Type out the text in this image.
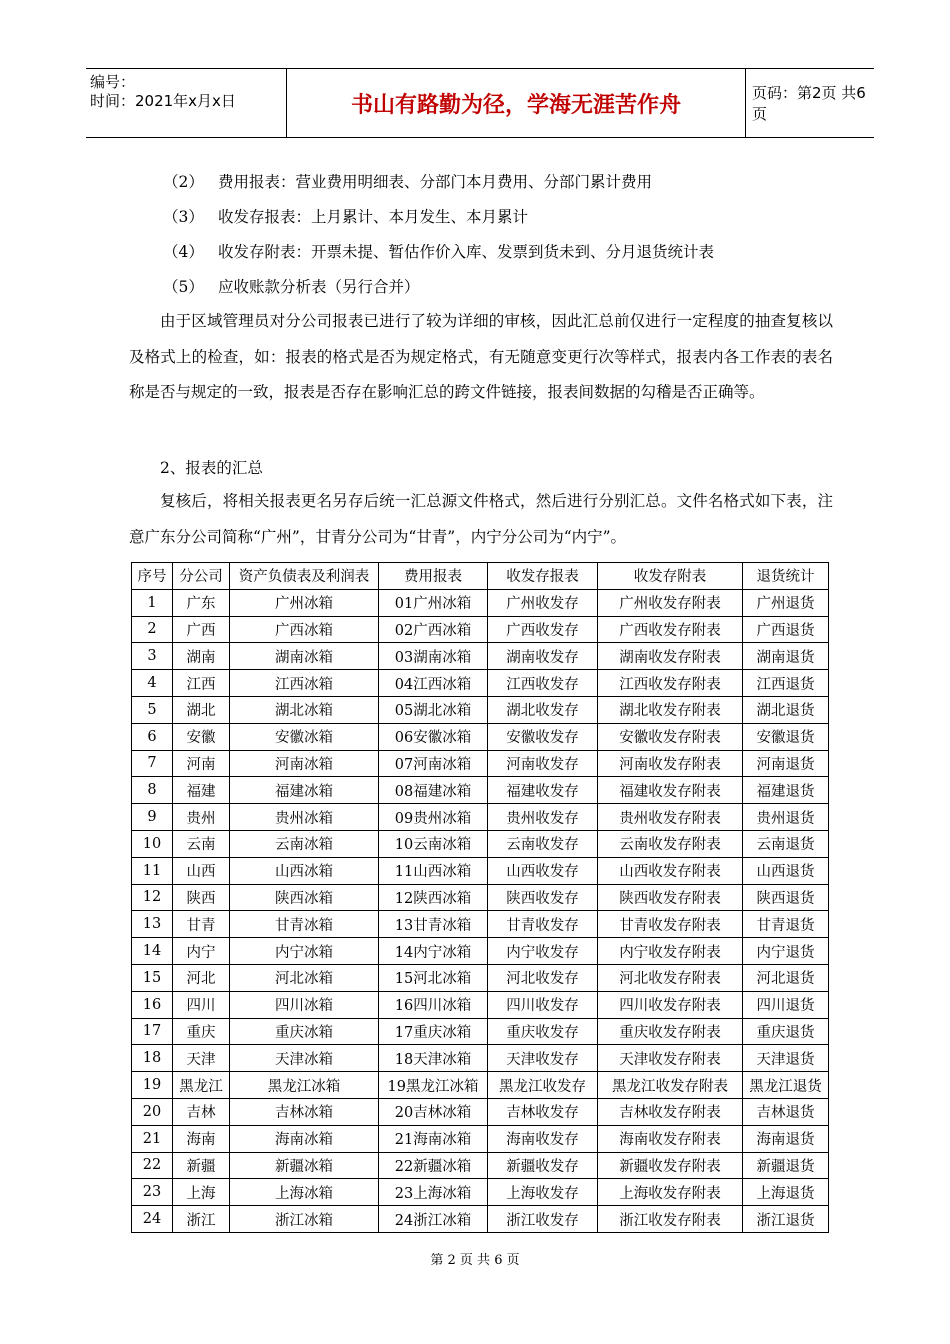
编号：
时间：2021年x月x日	书山有路勤为径，学海无涯苦作舟	页码：第2页 共6页
（2） 费用报表：营业费用明细表、分部门本月费用、分部门累计费用
（3） 收发存报表：上月累计、本月发生、本月累计
（4） 收发存附表：开票未提、暂估作价入库、发票到货未到、分月退货统计表
（5） 应收账款分析表（另行合并）
由于区域管理员对分公司报表已进行了较为详细的审核，因此汇总前仅进行一定程度的抽查复核以及格式上的检查，如：报表的格式是否为规定格式，有无随意变更行次等样式，报表内各工作表的表名称是否与规定的一致，报表是否存在影响汇总的跨文件链接，报表间数据的勾稽是否正确等。
2、报表的汇总
复核后，将相关报表更名另存后统一汇总源文件格式，然后进行分别汇总。文件名格式如下表，注意广东分公司简称“广州”，甘青分公司为“甘青”，内宁分公司为“内宁”。
序号	分公司	资产负债表及利润表	费用报表	收发存报表	收发存附表	退货统计
1	广东	广州冰箱	01广州冰箱	广州收发存	广州收发存附表	广州退货
2	广西	广西冰箱	02广西冰箱	广西收发存	广西收发存附表	广西退货
3	湖南	湖南冰箱	03湖南冰箱	湖南收发存	湖南收发存附表	湖南退货
4	江西	江西冰箱	04江西冰箱	江西收发存	江西收发存附表	江西退货
5	湖北	湖北冰箱	05湖北冰箱	湖北收发存	湖北收发存附表	湖北退货
6	安徽	安徽冰箱	06安徽冰箱	安徽收发存	安徽收发存附表	安徽退货
7	河南	河南冰箱	07河南冰箱	河南收发存	河南收发存附表	河南退货
8	福建	福建冰箱	08福建冰箱	福建收发存	福建收发存附表	福建退货
9	贵州	贵州冰箱	09贵州冰箱	贵州收发存	贵州收发存附表	贵州退货
10	云南	云南冰箱	10云南冰箱	云南收发存	云南收发存附表	云南退货
11	山西	山西冰箱	11山西冰箱	山西收发存	山西收发存附表	山西退货
12	陕西	陕西冰箱	12陕西冰箱	陕西收发存	陕西收发存附表	陕西退货
13	甘青	甘青冰箱	13甘青冰箱	甘青收发存	甘青收发存附表	甘青退货
14	内宁	内宁冰箱	14内宁冰箱	内宁收发存	内宁收发存附表	内宁退货
15	河北	河北冰箱	15河北冰箱	河北收发存	河北收发存附表	河北退货
16	四川	四川冰箱	16四川冰箱	四川收发存	四川收发存附表	四川退货
17	重庆	重庆冰箱	17重庆冰箱	重庆收发存	重庆收发存附表	重庆退货
18	天津	天津冰箱	18天津冰箱	天津收发存	天津收发存附表	天津退货
19	黑龙江	黑龙江冰箱	19黑龙江冰箱	黑龙江收发存	黑龙江收发存附表	黑龙江退货
20	吉林	吉林冰箱	20吉林冰箱	吉林收发存	吉林收发存附表	吉林退货
21	海南	海南冰箱	21海南冰箱	海南收发存	海南收发存附表	海南退货
22	新疆	新疆冰箱	22新疆冰箱	新疆收发存	新疆收发存附表	新疆退货
23	上海	上海冰箱	23上海冰箱	上海收发存	上海收发存附表	上海退货
24	浙江	浙江冰箱	24浙江冰箱	浙江收发存	浙江收发存附表	浙江退货
第 2 页 共 6 页
